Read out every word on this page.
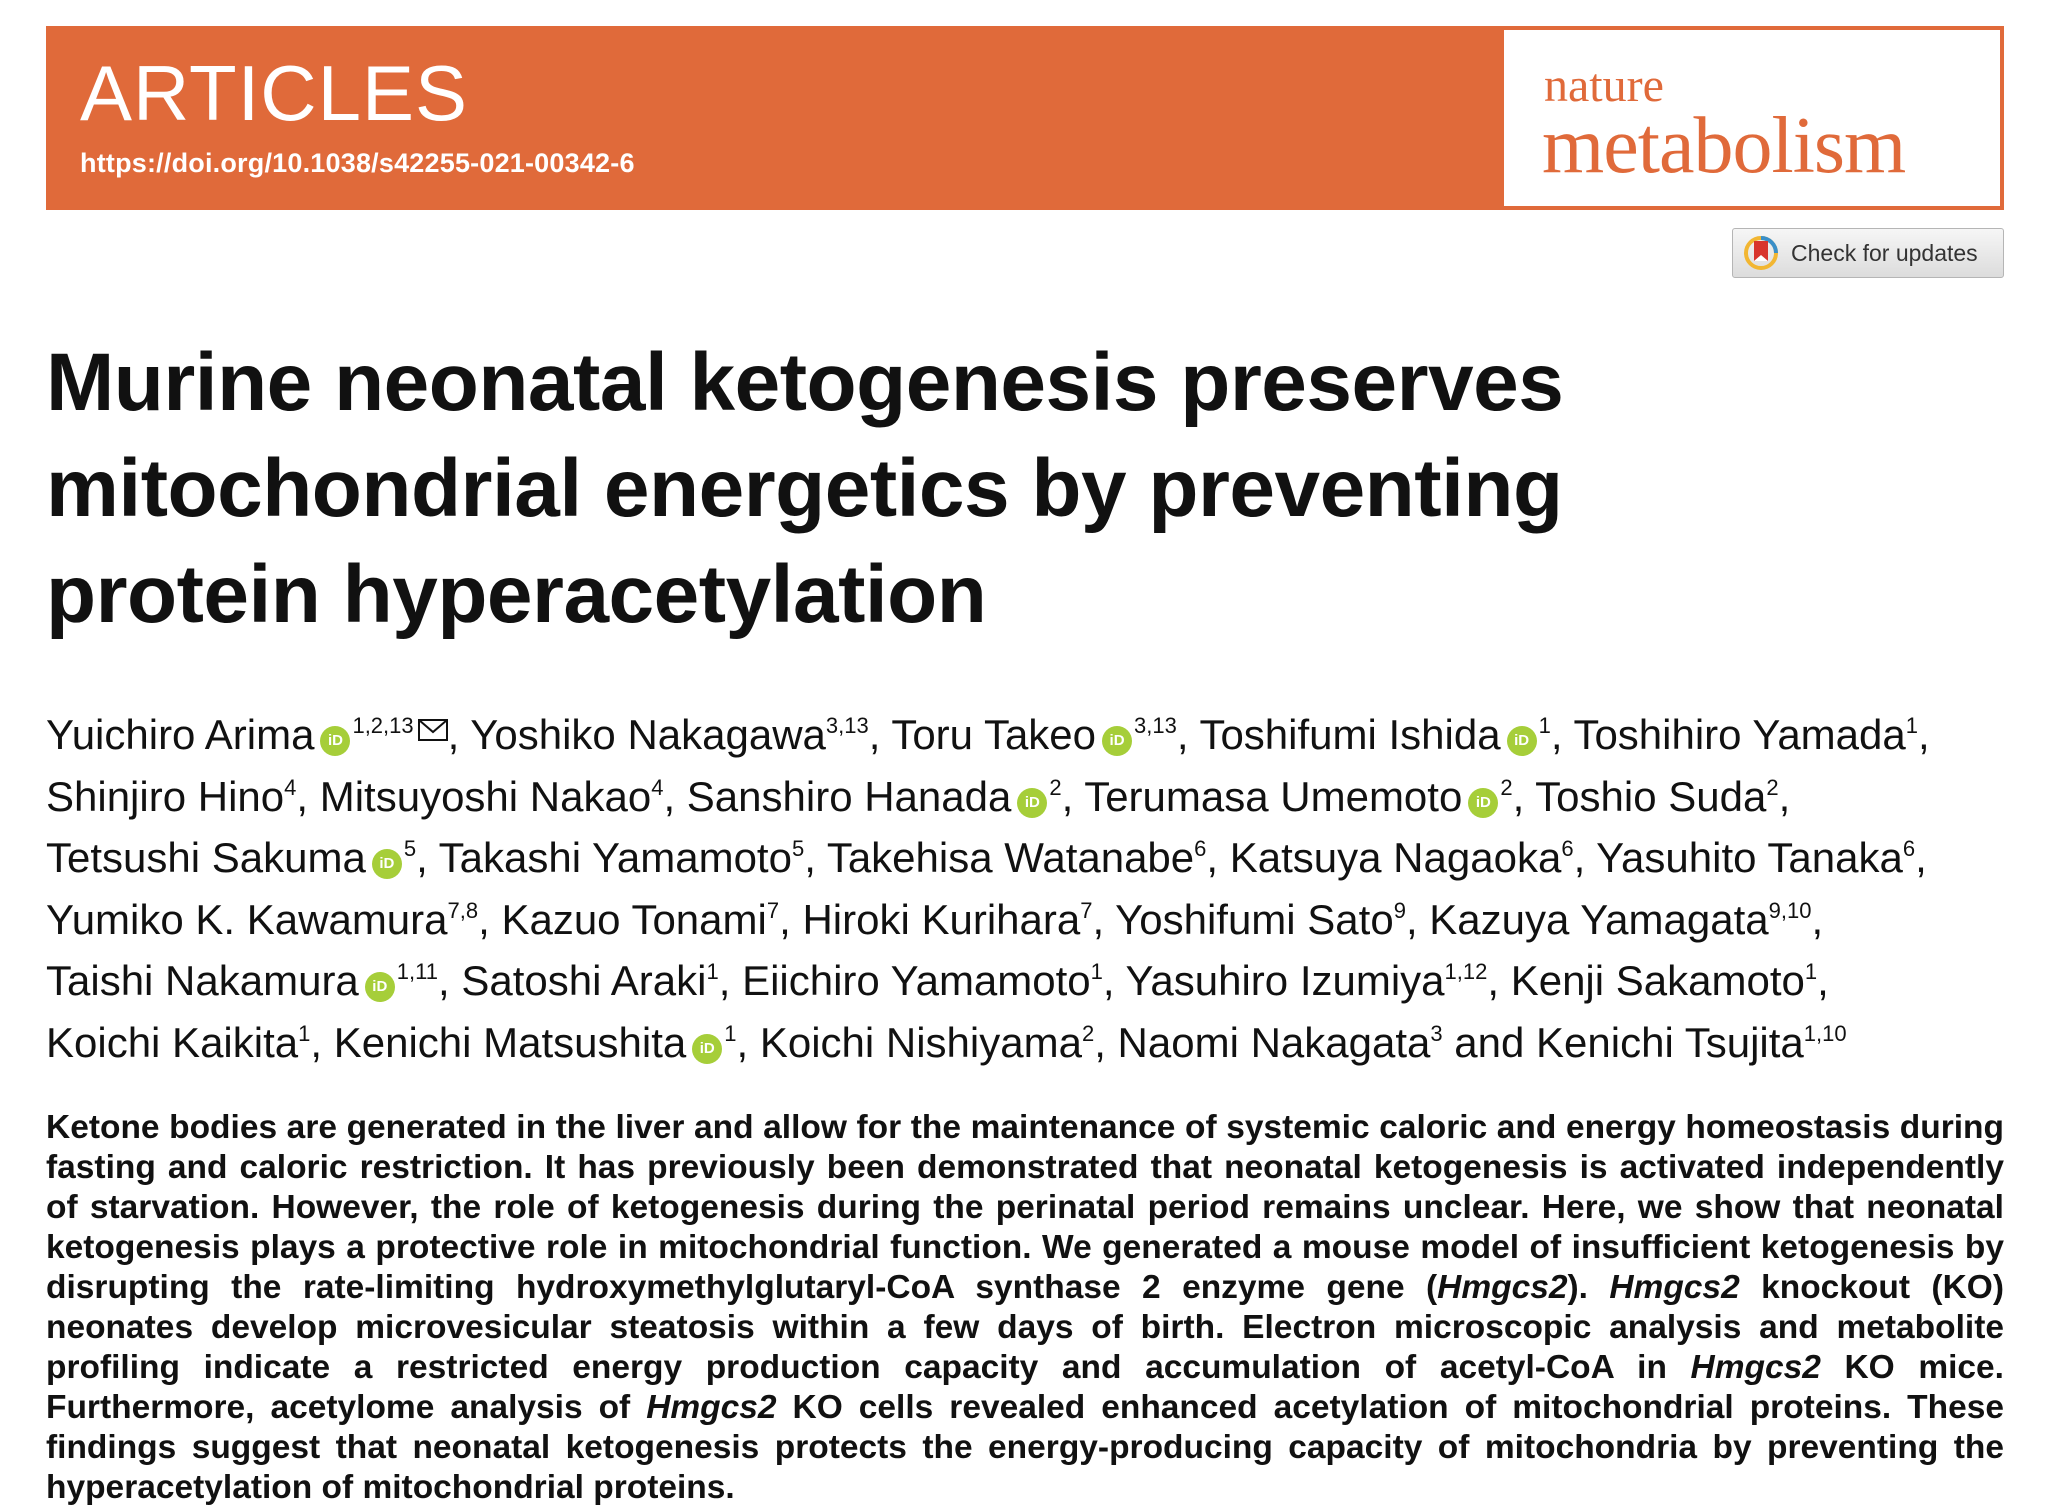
ARTICLES
https://doi.org/10.1038/s42255-021-00342-6
nature
metabolism
Check for updates
Murine neonatal ketogenesis preserves mitochondrial energetics by preventing protein hyperacetylation
Yuichiro Arima iD$^{1,2,13}$ , Yoshiko Nakagawa$^{3,13}$, Toru Takeo iD$^{3,13}$, Toshifumi Ishida $iD^1$, Toshihiro Yamada$^1$, Shinjiro Hino$^4$, Mitsuyoshi Nakao$^4$, Sanshiro Hanada $iD^2$, Terumasa Umemoto $iD^2$, Toshio Suda$^2$, Tetsushi Sakuma $iD^5$, Takashi Yamamoto$^5$, Takehisa Watanabe$^6$, Katsuya Nagaoka$^6$, Yasuhito Tanaka$^6$, Yumiko K. Kawamura$^{7,8}$, Kazuo Tonami$^7$, Hiroki Kurihara$^7$, Yoshifumi Sato$^9$, Kazuya Yamagata$^{9,10}$, Taishi Nakamura iD$^{1,11}$, Satoshi Araki$^1$, Eiichiro Yamamoto$^1$, Yasuhiro Izumiya$^{1,12}$, Kenji Sakamoto$^1$, Koichi Kaikita$^1$, Kenichi Matsushita $iD^1$, Koichi Nishiyama$^2$, Naomi Nakagata$^3$ and Kenichi Tsujita$^{1,10}$

Ketone bodies are generated in the liver and allow for the maintenance of systemic caloric and energy homeostasis during fasting and caloric restriction. It has previously been demonstrated that neonatal ketogenesis is activated independently of starvation. However, the role of ketogenesis during the perinatal period remains unclear. Here, we show that neonatal ketogenesis plays a protective role in mitochondrial function. We generated a mouse model of insufficient ketogenesis by disrupting the rate-limiting hydroxymethylglutaryl-CoA synthase 2 enzyme gene (Hmgcs2). Hmgcs2 knockout (KO) neonates develop microvesicular steatosis within a few days of birth. Electron microscopic analysis and metabolite profiling indicate a restricted energy production capacity and accumulation of acetyl-CoA in Hmgcs2 KO mice. Furthermore, acetylome analysis of Hmgcs2 KO cells revealed enhanced acetylation of mitochondrial proteins. These findings suggest that neonatal ketogenesis protects the energy-producing capacity of mitochondria by preventing the hyperacetylation of mitochondrial proteins.
